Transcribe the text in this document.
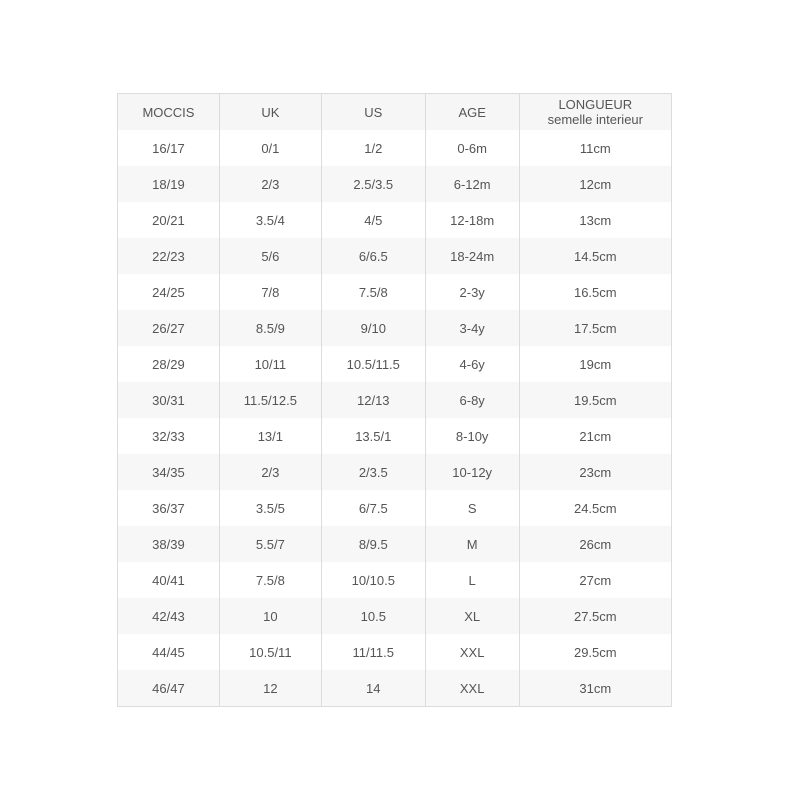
MOCCIS	UK	US	AGE	LONGUEUR
semelle interieur

16/17	0/1	1/2	0-6m	11cm
18/19	2/3	2.5/3.5	6-12m	12cm
20/21	3.5/4	4/5	12-18m	13cm
22/23	5/6	6/6.5	18-24m	14.5cm
24/25	7/8	7.5/8	2-3y	16.5cm
26/27	8.5/9	9/10	3-4y	17.5cm
28/29	10/11	10.5/11.5	4-6y	19cm
30/31	11.5/12.5	12/13	6-8y	19.5cm
32/33	13/1	13.5/1	8-10y	21cm
34/35	2/3	2/3.5	10-12y	23cm
36/37	3.5/5	6/7.5	S	24.5cm
38/39	5.5/7	8/9.5	M	26cm
40/41	7.5/8	10/10.5	L	27cm
42/43	10	10.5	XL	27.5cm
44/45	10.5/11	11/11.5	XXL	29.5cm
46/47	12	14	XXL	31cm
